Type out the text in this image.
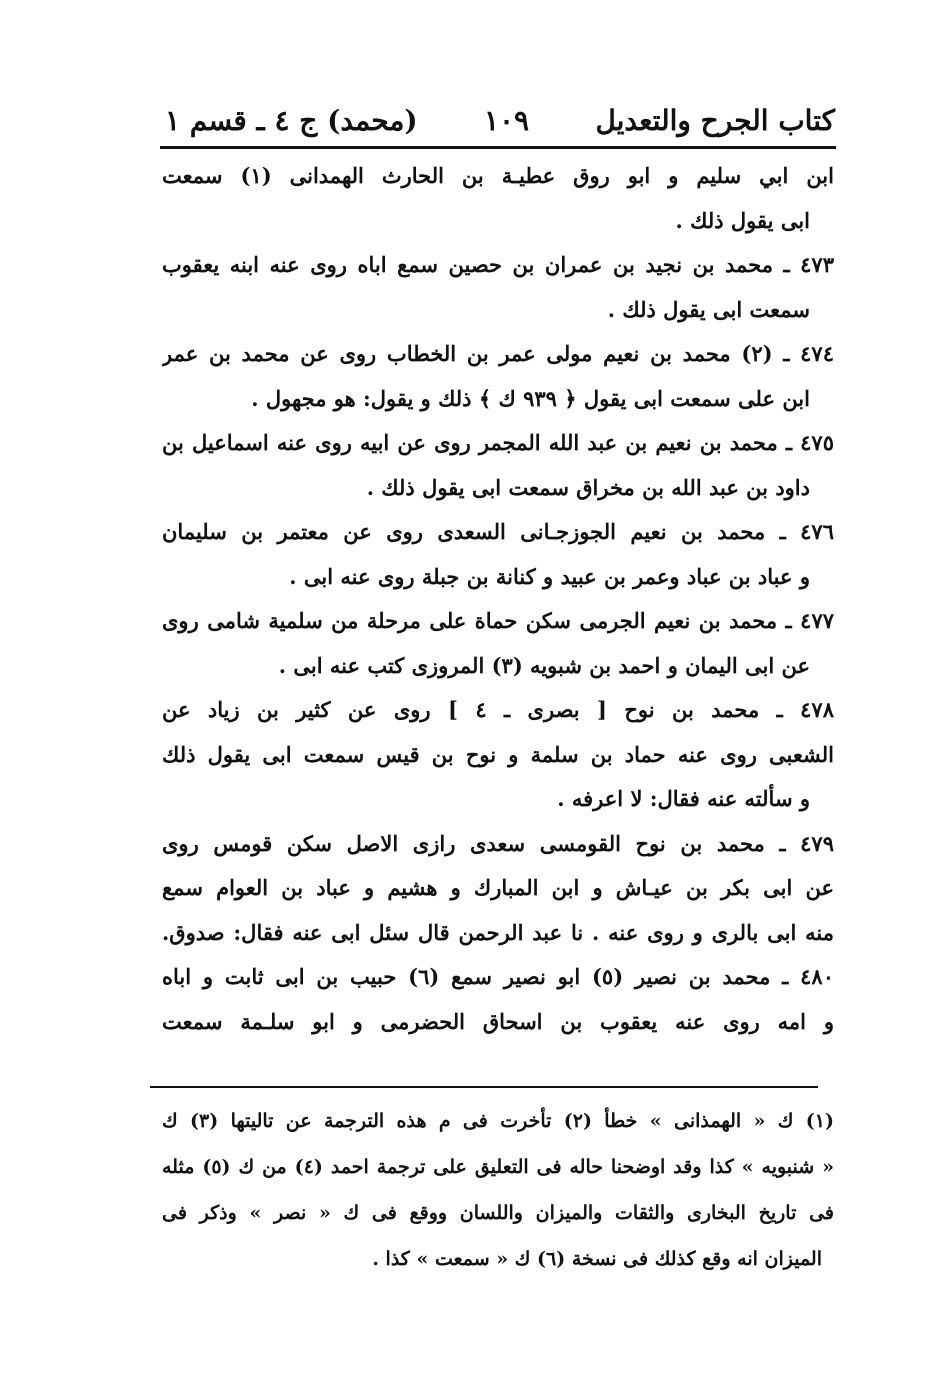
كتاب الجرح والتعديل
١٠٩
(محمد) ج ٤ ـ قسم ١
ابن ابي سليم و ابو روق عطيـة بن الحارث الهمدانى (١) سمعت
ابى يقول ذلك .
٤٧٣ ـ محمد بن نجيد بن عمران بن حصين سمع اباه روى عنه ابنه يعقوب
سمعت ابى يقول ذلك .
٤٧٤ ـ (٢) محمد بن نعيم مولى عمر بن الخطاب روى عن محمد بن عمر
ابن على سمعت ابى يقول ﴿ ٩٣٩ ك ﴾ ذلك و يقول: هو مجهول .
٤٧٥ ـ محمد بن نعيم بن عبد الله المجمر روى عن ابيه روى عنه اسماعيل بن
داود بن عبد الله بن مخراق سمعت ابى يقول ذلك .
٤٧٦ ـ محمد بن نعيم الجوزجـانى السعدى روى عن معتمر بن سليمان
و عباد بن عباد وعمر بن عبيد و كنانة بن جبلة روى عنه ابى .
٤٧٧ ـ محمد بن نعيم الجرمى سكن حماة على مرحلة من سلمية شامى روى
عن ابى اليمان و احمد بن شبويه (٣) المروزى كتب عنه ابى .
٤٧٨ ـ محمد بن نوح [ بصرى ـ ٤ ] روى عن كثير بن زياد عن
الشعبى روى عنه حماد بن سلمة و نوح بن قيس سمعت ابى يقول ذلك
و سألته عنه فقال: لا اعرفه .
٤٧٩ ـ محمد بن نوح القومسى سعدى رازى الاصل سكن قومس روى
عن ابى بكر بن عيـاش و ابن المبارك و هشيم و عباد بن العوام سمع
منه ابى بالرى و روى عنه . نا عبد الرحمن قال سئل ابى عنه فقال: صدوق.
٤٨٠ ـ محمد بن نصير (٥) ابو نصير سمع (٦) حبيب بن ابى ثابت و اباه
و امه روى عنه يعقوب بن اسحاق الحضرمى و ابو سلـمة سمعت
(١) ك « الهمذانى » خطأ (٢) تأخرت فى م هذه الترجمة عن تاليتها (٣) ك
« شنبويه » كذا وقد اوضحنا حاله فى التعليق على ترجمة احمد (٤) من ك (٥) مثله
فى تاريخ البخارى والثقات والميزان واللسان ووقع فى ك « نصر » وذكر فى
الميزان انه وقع كذلك فى نسخة (٦) ك « سمعت » كذا .
